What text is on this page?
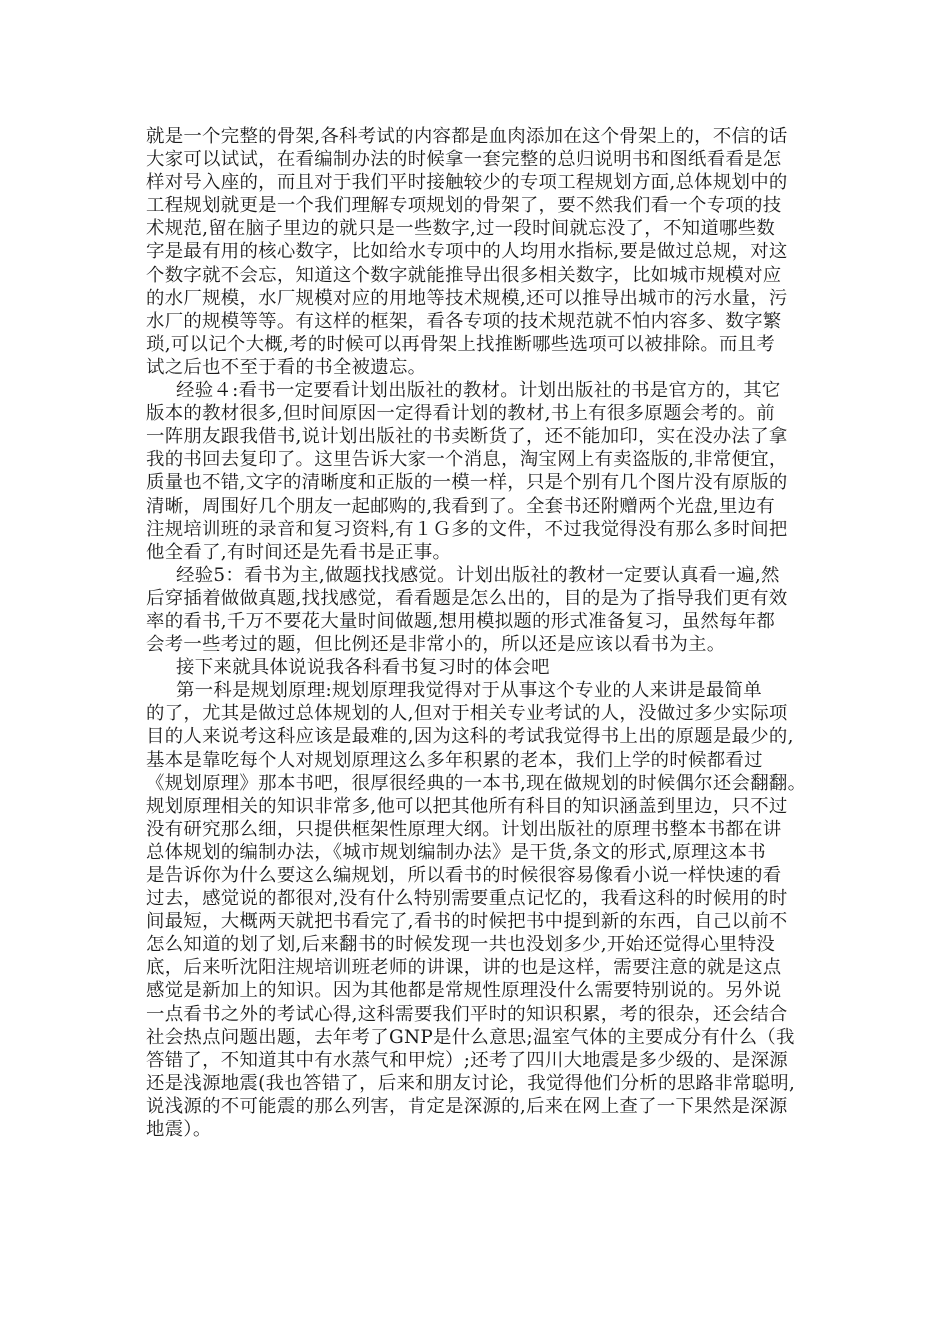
就是一个完整的骨架,各科考试的内容都是血肉添加在这个骨架上的，不信的话
大家可以试试，在看编制办法的时候拿一套完整的总归说明书和图纸看看是怎
样对号入座的，而且对于我们平时接触较少的专项工程规划方面,总体规划中的
工程规划就更是一个我们理解专项规划的骨架了，要不然我们看一个专项的技
术规范,留在脑子里边的就只是一些数字,过一段时间就忘没了，不知道哪些数
字是最有用的核心数字，比如给水专项中的人均用水指标,要是做过总规，对这
个数字就不会忘，知道这个数字就能推导出很多相关数字，比如城市规模对应
的水厂规模，水厂规模对应的用地等技术规模,还可以推导出城市的污水量，污
水厂的规模等等。有这样的框架，看各专项的技术规范就不怕内容多、数字繁
琐,可以记个大概,考的时候可以再骨架上找推断哪些选项可以被排除。而且考
试之后也不至于看的书全被遗忘。
经验４:看书一定要看计划出版社的教材。计划出版社的书是官方的，其它
版本的教材很多,但时间原因一定得看计划的教材,书上有很多原题会考的。前
一阵朋友跟我借书,说计划出版社的书卖断货了，还不能加印，实在没办法了拿
我的书回去复印了。这里告诉大家一个消息，淘宝网上有卖盗版的,非常便宜，
质量也不错,文字的清晰度和正版的一模一样，只是个别有几个图片没有原版的
清晰，周围好几个朋友一起邮购的,我看到了。全套书还附赠两个光盘,里边有
注规培训班的录音和复习资料,有１Ｇ多的文件，不过我觉得没有那么多时间把
他全看了,有时间还是先看书是正事。
经验5：看书为主,做题找找感觉。计划出版社的教材一定要认真看一遍,然
后穿插着做做真题,找找感觉，看看题是怎么出的，目的是为了指导我们更有效
率的看书,千万不要花大量时间做题,想用模拟题的形式准备复习，虽然每年都
会考一些考过的题，但比例还是非常小的，所以还是应该以看书为主。
接下来就具体说说我各科看书复习时的体会吧
第一科是规划原理:规划原理我觉得对于从事这个专业的人来讲是最简单
的了，尤其是做过总体规划的人,但对于相关专业考试的人，没做过多少实际项
目的人来说考这科应该是最难的,因为这科的考试我觉得书上出的原题是最少的,
基本是靠吃每个人对规划原理这么多年积累的老本，我们上学的时候都看过
《规划原理》那本书吧，很厚很经典的一本书,现在做规划的时候偶尔还会翻翻。
规划原理相关的知识非常多,他可以把其他所有科目的知识涵盖到里边，只不过
没有研究那么细，只提供框架性原理大纲。计划出版社的原理书整本书都在讲
总体规划的编制办法，《城市规划编制办法》是干货,条文的形式,原理这本书
是告诉你为什么要这么编规划，所以看书的时候很容易像看小说一样快速的看
过去，感觉说的都很对,没有什么特别需要重点记忆的，我看这科的时候用的时
间最短，大概两天就把书看完了,看书的时候把书中提到新的东西，自己以前不
怎么知道的划了划,后来翻书的时候发现一共也没划多少,开始还觉得心里特没
底，后来听沈阳注规培训班老师的讲课，讲的也是这样，需要注意的就是这点
感觉是新加上的知识。因为其他都是常规性原理没什么需要特别说的。另外说
一点看书之外的考试心得,这科需要我们平时的知识积累，考的很杂，还会结合
社会热点问题出题，去年考了GNP是什么意思;温室气体的主要成分有什么（我
答错了，不知道其中有水蒸气和甲烷）;还考了四川大地震是多少级的、是深源
还是浅源地震(我也答错了，后来和朋友讨论，我觉得他们分析的思路非常聪明,
说浅源的不可能震的那么列害，肯定是深源的,后来在网上查了一下果然是深源
地震）。
